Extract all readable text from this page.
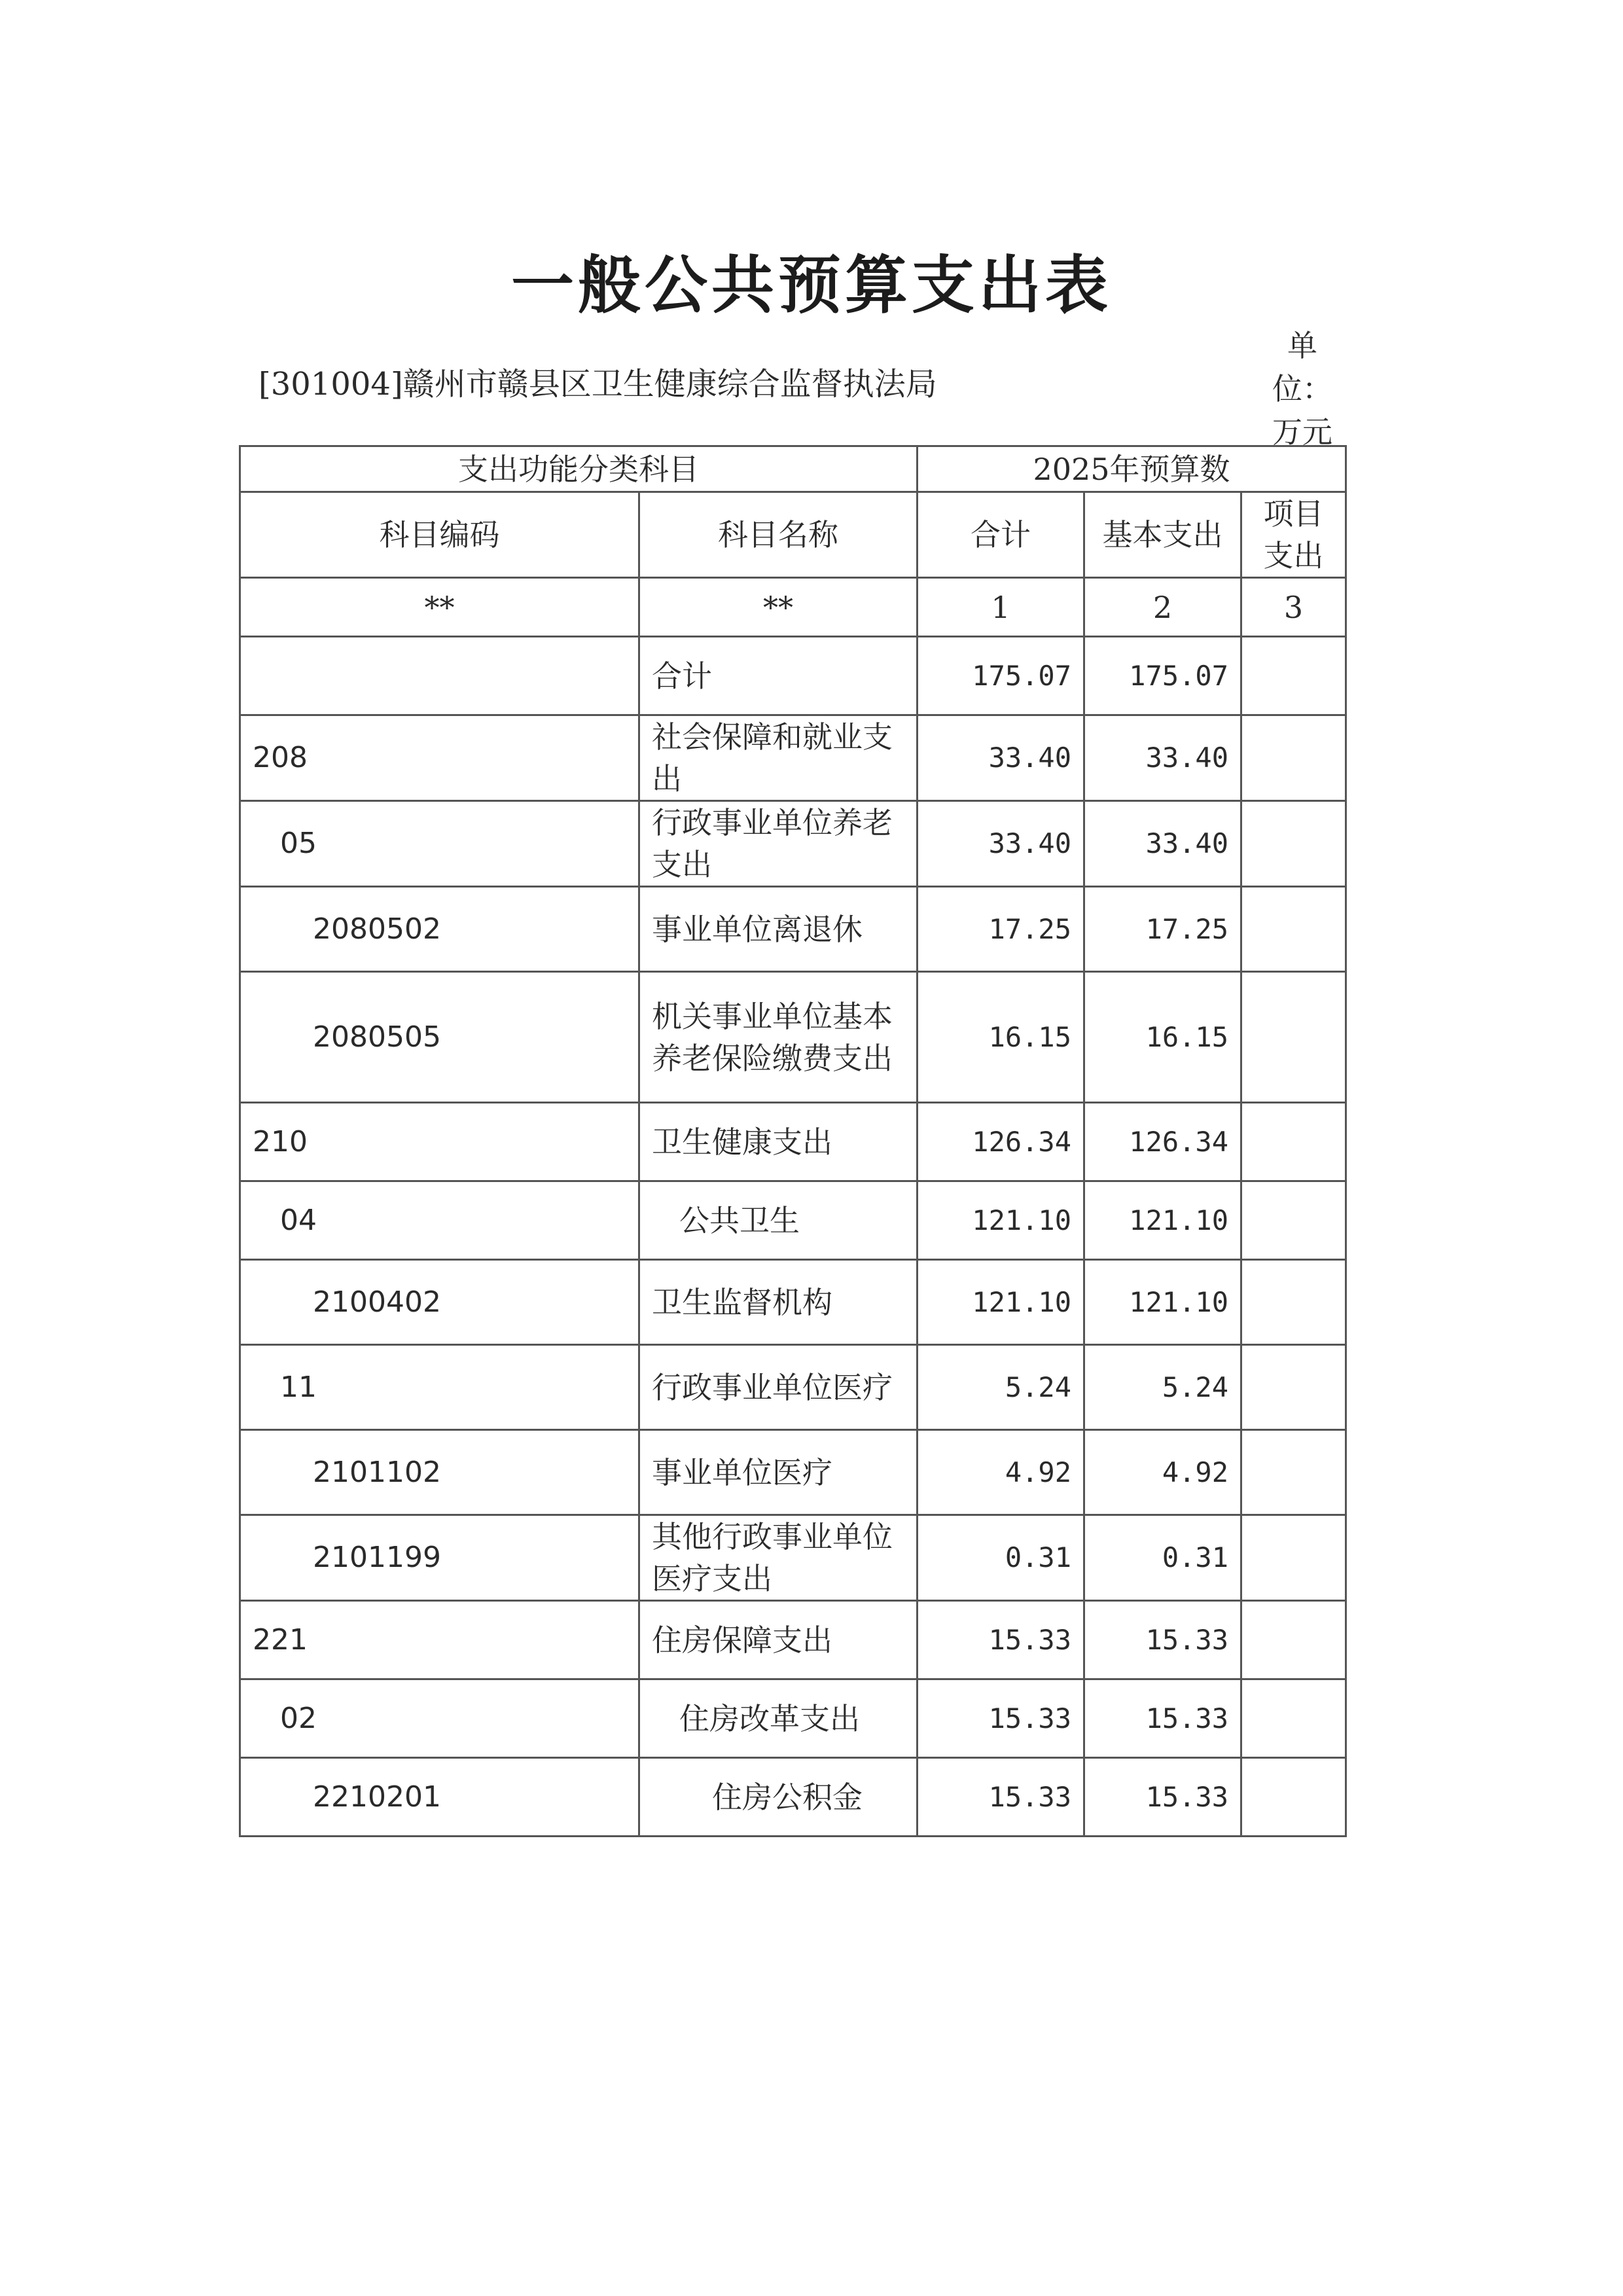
一般公共预算支出表
[301004]赣州市赣县区卫生健康综合监督执法局
单
位：
万元
支出功能分类科目		2025年预算数		
科目编码	科目名称	合计	基本支出	项目支出
**	**	1	2	3
	合计	175.07	175.07	
208	社会保障和就业支出	33.40	33.40	
05	行政事业单位养老支出	33.40	33.40	
2080502	事业单位离退休	17.25	17.25	
2080505	机关事业单位基本养老保险缴费支出	16.15	16.15	
210	卫生健康支出	126.34	126.34	
04	公共卫生	121.10	121.10	
2100402	卫生监督机构	121.10	121.10	
11	行政事业单位医疗	5.24	5.24	
2101102	事业单位医疗	4.92	4.92	
2101199	其他行政事业单位医疗支出	0.31	0.31	
221	住房保障支出	15.33	15.33	
02	住房改革支出	15.33	15.33	
2210201	住房公积金	15.33	15.33	
